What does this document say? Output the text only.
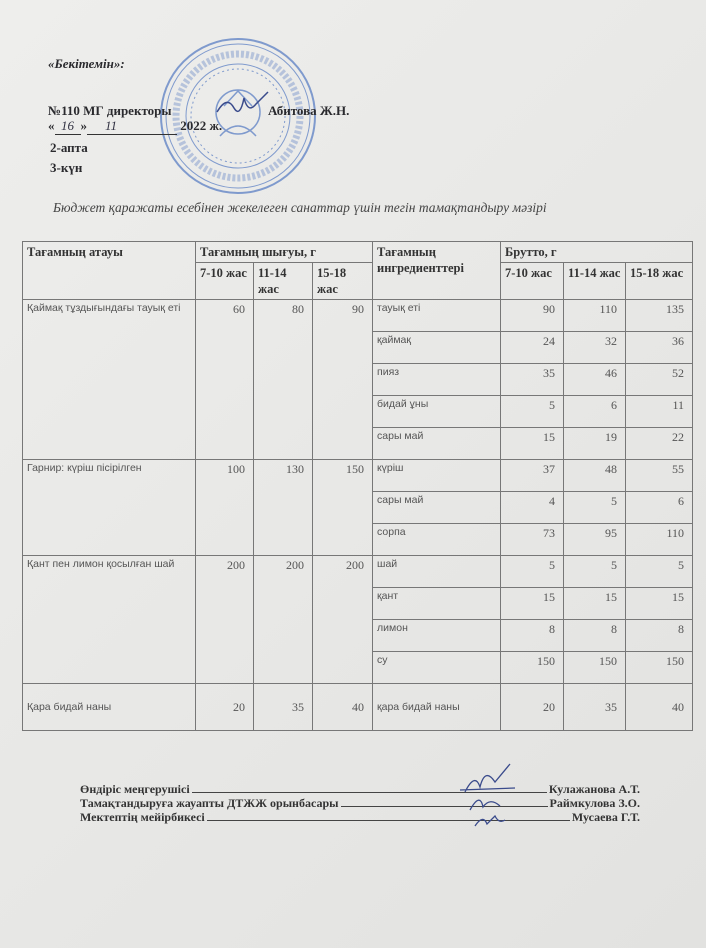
«Бекітемін»:
№110 МГ директоры	Абитова Ж.Н.
« 16 » 11	2022 ж.
2-апта
3-күн
Бюджет қаражаты есебінен жекелеген санаттар үшін тегін тамақтандыру мәзірі
Тағамның атауы	Тағамның шығуы, г			Тағамның ингредиенттері	Брутто, г		
	7-10 жас	11-14 жас	15-18 жас		7-10 жас	11-14 жас	15-18 жас
Қаймақ тұздығындағы тауық еті	60	80	90	тауық еті	90	110	135
				қаймақ	24	32	36
				пияз	35	46	52
				бидай ұны	5	6	11
				сары май	15	19	22
Гарнир: күріш пісірілген	100	130	150	күріш	37	48	55
				сары май	4	5	6
				сорпа	73	95	110
Қант пен лимон қосылған шай	200	200	200	шай	5	5	5
				қант	15	15	15
				лимон	8	8	8
				су	150	150	150
Қара бидай наны	20	35	40	қара бидай наны	20	35	40
Өндіріс меңгерушісі	Кулажанова А.Т.
Тамақтандыруға жауапты ДТЖЖ орынбасары	Раймкулова З.О.
Мектептің мейірбикесі	Мусаева Г.Т.
